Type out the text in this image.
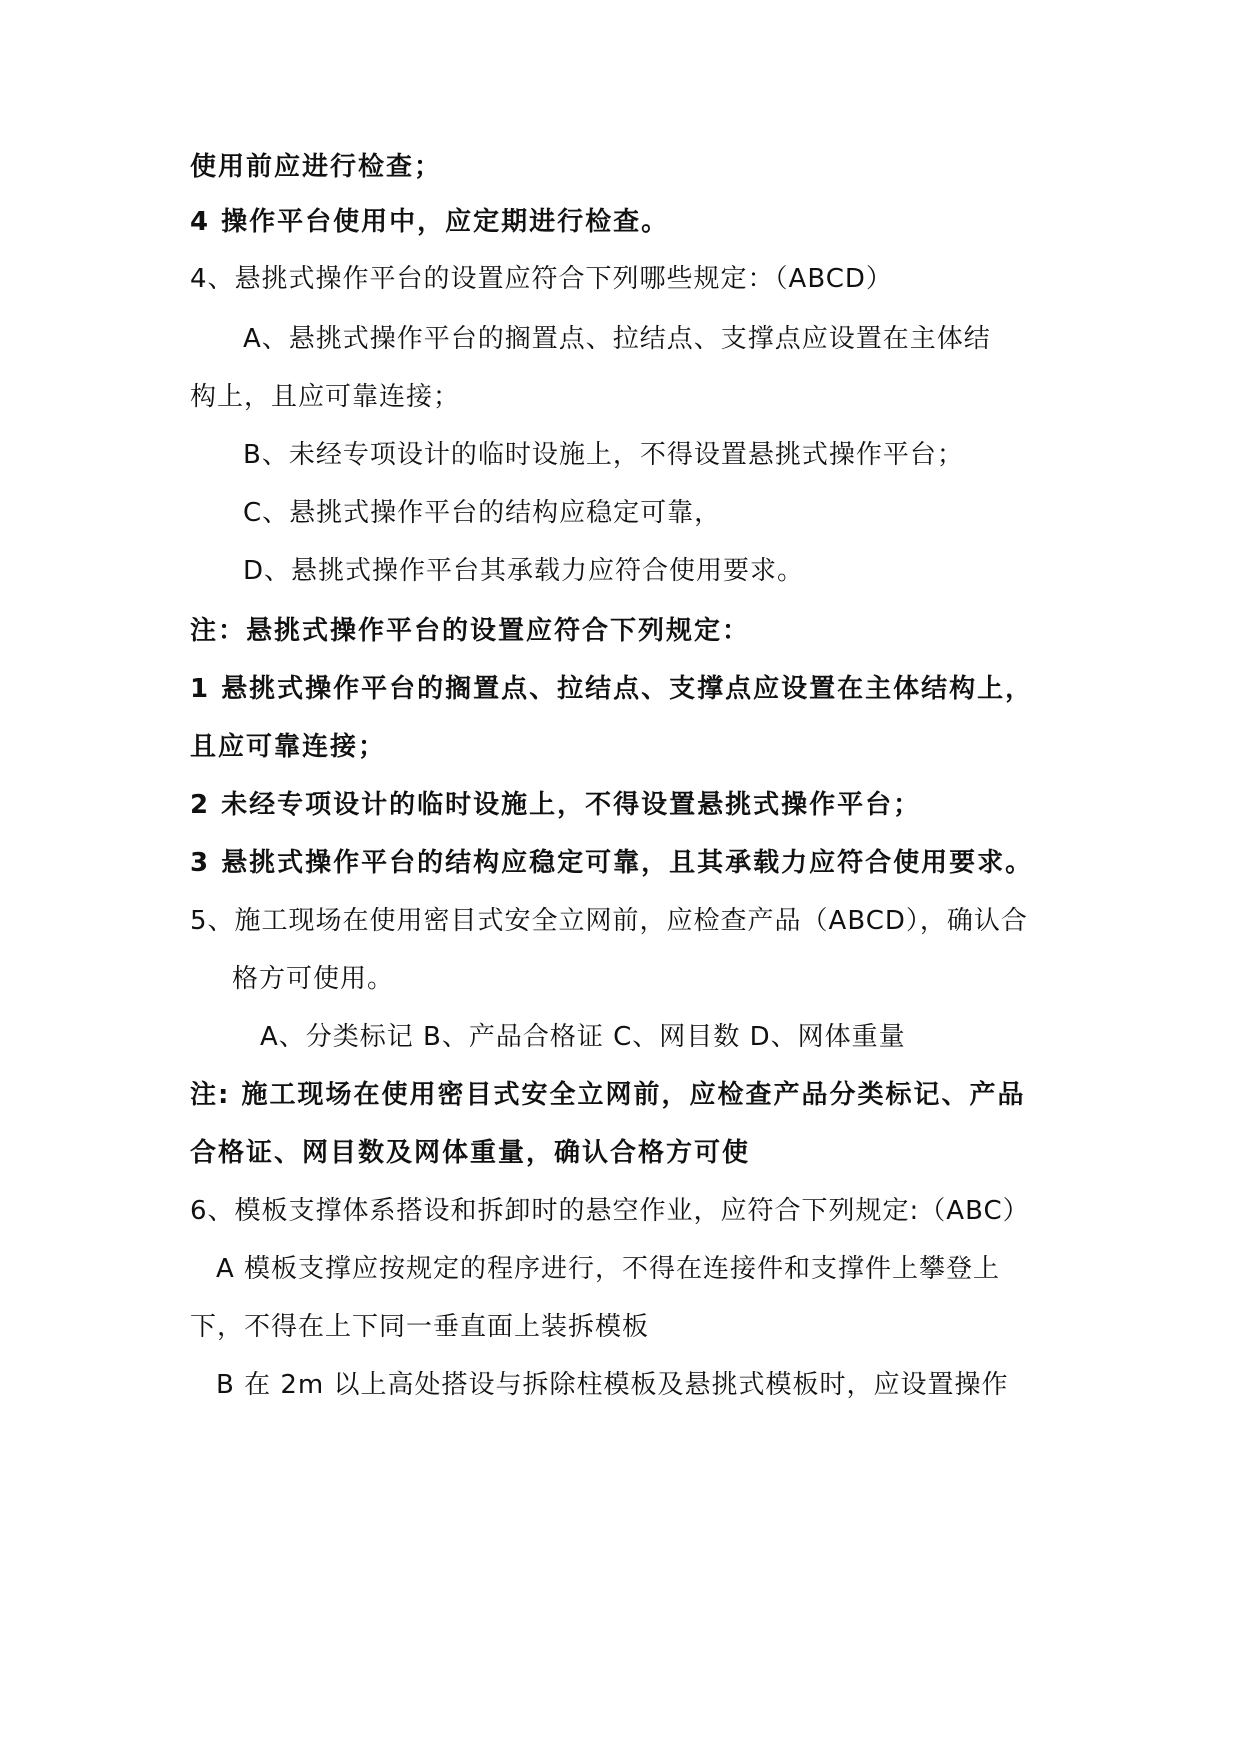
使用前应进行检查；
4 操作平台使用中，应定期进行检查。
4、悬挑式操作平台的设置应符合下列哪些规定：（ABCD）
A、悬挑式操作平台的搁置点、拉结点、支撑点应设置在主体结
构上，且应可靠连接；
B、未经专项设计的临时设施上，不得设置悬挑式操作平台；
C、悬挑式操作平台的结构应稳定可靠，
D、悬挑式操作平台其承载力应符合使用要求。
注：悬挑式操作平台的设置应符合下列规定：
1 悬挑式操作平台的搁置点、拉结点、支撑点应设置在主体结构上，
且应可靠连接；
2 未经专项设计的临时设施上，不得设置悬挑式操作平台；
3 悬挑式操作平台的结构应稳定可靠，且其承载力应符合使用要求。
5、施工现场在使用密目式安全立网前，应检查产品（ABCD），确认合
格方可使用。
A、分类标记 B、产品合格证 C、网目数 D、网体重量
注: 施工现场在使用密目式安全立网前，应检查产品分类标记、产品
合格证、网目数及网体重量，确认合格方可使
6、模板支撑体系搭设和拆卸时的悬空作业，应符合下列规定:（ABC）
A 模板支撑应按规定的程序进行，不得在连接件和支撑件上攀登上
下，不得在上下同一垂直面上装拆模板
B 在 2m 以上高处搭设与拆除柱模板及悬挑式模板时，应设置操作
